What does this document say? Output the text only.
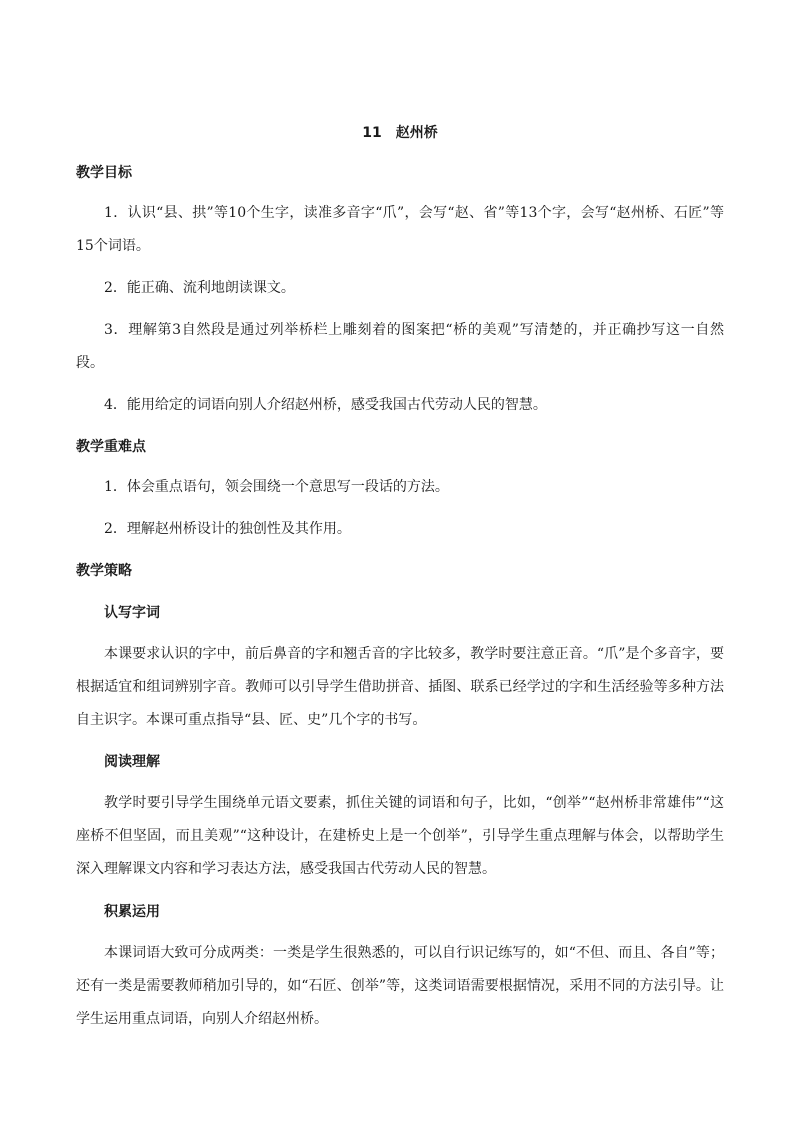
11　赵州桥

教学目标

1．认识“县、拱”等10个生字，读准多音字“爪”，会写“赵、省”等13个字，会写“赵州桥、石匠”等15个词语。

2．能正确、流利地朗读课文。

3．理解第3自然段是通过列举桥栏上雕刻着的图案把“桥的美观”写清楚的，并正确抄写这一自然段。

4．能用给定的词语向别人介绍赵州桥，感受我国古代劳动人民的智慧。

教学重难点

1．体会重点语句，领会围绕一个意思写一段话的方法。

2．理解赵州桥设计的独创性及其作用。

教学策略

认写字词

本课要求认识的字中，前后鼻音的字和翘舌音的字比较多，教学时要注意正音。“爪”是个多音字，要根据适宜和组词辨别字音。教师可以引导学生借助拼音、插图、联系已经学过的字和生活经验等多种方法自主识字。本课可重点指导“县、匠、史”几个字的书写。

阅读理解

教学时要引导学生围绕单元语文要素，抓住关键的词语和句子，比如，“创举”“赵州桥非常雄伟”“这座桥不但坚固，而且美观”“这种设计，在建桥史上是一个创举”，引导学生重点理解与体会，以帮助学生深入理解课文内容和学习表达方法，感受我国古代劳动人民的智慧。

积累运用

本课词语大致可分成两类：一类是学生很熟悉的，可以自行识记练写的，如“不但、而且、各自”等；还有一类是需要教师稍加引导的，如“石匠、创举”等，这类词语需要根据情况，采用不同的方法引导。让学生运用重点词语，向别人介绍赵州桥。
